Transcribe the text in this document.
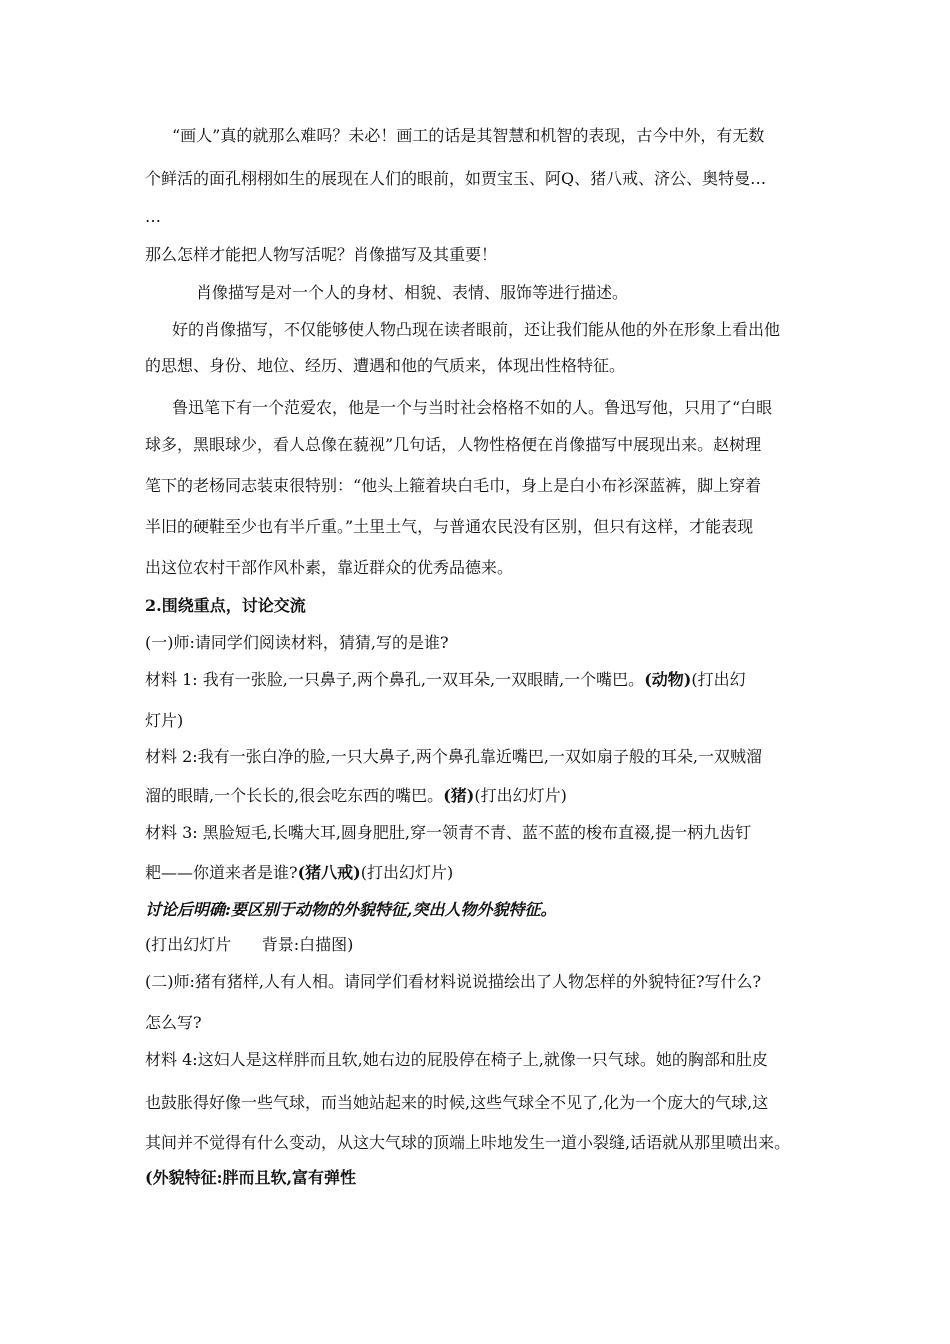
“画人”真的就那么难吗？未必！画工的话是其智慧和机智的表现，古今中外，有无数
个鲜活的面孔栩栩如生的展现在人们的眼前，如贾宝玉、阿Q、猪八戒、济公、奥特曼…
…
那么怎样才能把人物写活呢？肖像描写及其重要！
肖像描写是对一个人的身材、相貌、表情、服饰等进行描述。
好的肖像描写，不仅能够使人物凸现在读者眼前，还让我们能从他的外在形象上看出他
的思想、身份、地位、经历、遭遇和他的气质来，体现出性格特征。
鲁迅笔下有一个范爱农，他是一个与当时社会格格不如的人。鲁迅写他，只用了“白眼
球多，黑眼球少，看人总像在藐视”几句话，人物性格便在肖像描写中展现出来。赵树理
笔下的老杨同志装束很特别：“他头上箍着块白毛巾，身上是白小布衫深蓝裤，脚上穿着
半旧的硬鞋至少也有半斤重。”土里土气，与普通农民没有区别，但只有这样，才能表现
出这位农村干部作风朴素，靠近群众的优秀品德来。
2.围绕重点，讨论交流
(一)师:请同学们阅读材料，猜猜,写的是谁?
材料 1: 我有一张脸,一只鼻子,两个鼻孔,一双耳朵,一双眼睛,一个嘴巴。(动物)(打出幻
灯片)
材料 2:我有一张白净的脸,一只大鼻子,两个鼻孔靠近嘴巴,一双如扇子般的耳朵,一双贼溜
溜的眼睛,一个长长的,很会吃东西的嘴巴。(猪)(打出幻灯片)
材料 3: 黑脸短毛,长嘴大耳,圆身肥肚,穿一领青不青、蓝不蓝的梭布直裰,提一柄九齿钉
耙——你道来者是谁?(猪八戒)(打出幻灯片)
讨论后明确:要区别于动物的外貌特征,突出人物外貌特征。
(打出幻灯片      背景:白描图)
(二)师:猪有猪样,人有人相。请同学们看材料说说描绘出了人物怎样的外貌特征?写什么?
怎么写?
材料 4:这妇人是这样胖而且软,她右边的屁股停在椅子上,就像一只气球。她的胸部和肚皮
也鼓胀得好像一些气球，而当她站起来的时候,这些气球全不见了,化为一个庞大的气球,这
其间并不觉得有什么变动，从这大气球的顶端上咔地发生一道小裂缝,话语就从那里喷出来。
(外貌特征:胖而且软,富有弹性
